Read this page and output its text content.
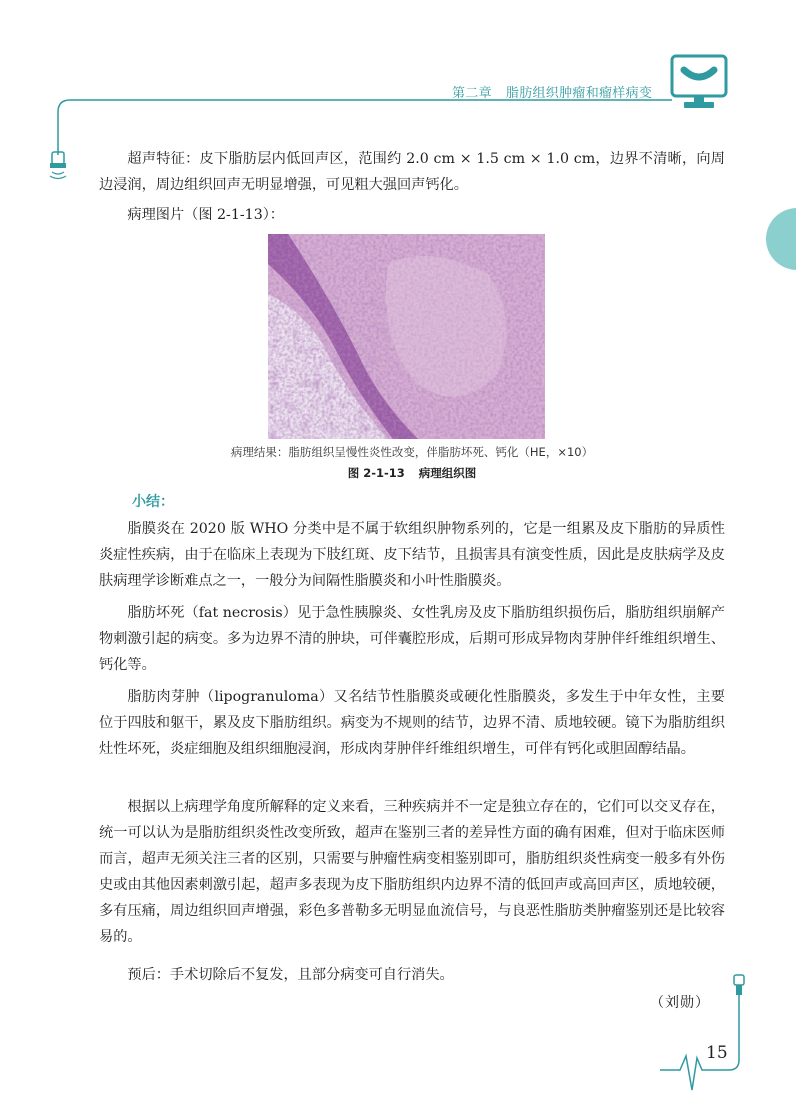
第二章 脂肪组织肿瘤和瘤样病变

超声特征：皮下脂肪层内低回声区，范围约 2.0 cm × 1.5 cm × 1.0 cm，边界不清晰，向周边浸润，周边组织回声无明显增强，可见粗大强回声钙化。

病理图片（图 2-1-13）：

病理结果：脂肪组织呈慢性炎性改变，伴脂肪坏死、钙化（HE，×10）
图 2-1-13 病理组织图
小结：

脂膜炎在 2020 版 WHO 分类中是不属于软组织肿物系列的，它是一组累及皮下脂肪的异质性炎症性疾病，由于在临床上表现为下肢红斑、皮下结节，且损害具有演变性质，因此是皮肤病学及皮肤病理学诊断难点之一，一般分为间隔性脂膜炎和小叶性脂膜炎。

脂肪坏死（fat necrosis）见于急性胰腺炎、女性乳房及皮下脂肪组织损伤后，脂肪组织崩解产物刺激引起的病变。多为边界不清的肿块，可伴囊腔形成，后期可形成异物肉芽肿伴纤维组织增生、钙化等。

脂肪肉芽肿（lipogranuloma）又名结节性脂膜炎或硬化性脂膜炎，多发生于中年女性，主要位于四肢和躯干，累及皮下脂肪组织。病变为不规则的结节，边界不清、质地较硬。镜下为脂肪组织灶性坏死，炎症细胞及组织细胞浸润，形成肉芽肿伴纤维组织增生，可伴有钙化或胆固醇结晶。

根据以上病理学角度所解释的定义来看，三种疾病并不一定是独立存在的，它们可以交叉存在，统一可以认为是脂肪组织炎性改变所致，超声在鉴别三者的差异性方面的确有困难，但对于临床医师而言，超声无须关注三者的区别，只需要与肿瘤性病变相鉴别即可，脂肪组织炎性病变一般多有外伤史或由其他因素刺激引起，超声多表现为皮下脂肪组织内边界不清的低回声或高回声区，质地较硬，多有压痛，周边组织回声增强，彩色多普勒多无明显血流信号，与良恶性脂肪类肿瘤鉴别还是比较容易的。

预后：手术切除后不复发，且部分病变可自行消失。

（刘勋）
15
